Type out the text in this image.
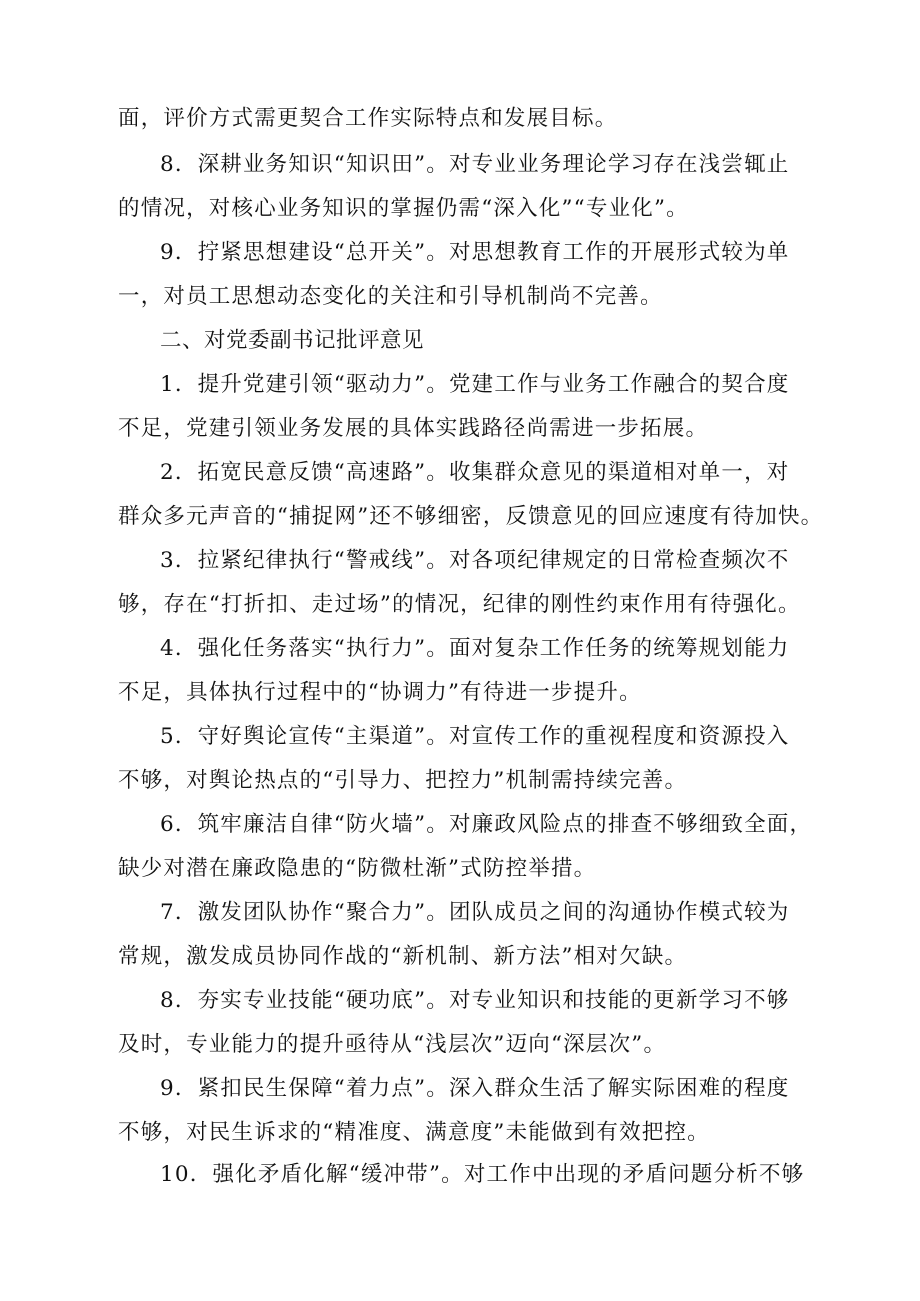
面，评价方式需更契合工作实际特点和发展目标。
8．深耕业务知识“知识田”。对专业业务理论学习存在浅尝辄止
的情况，对核心业务知识的掌握仍需“深入化”“专业化”。
9．拧紧思想建设“总开关”。对思想教育工作的开展形式较为单
一，对员工思想动态变化的关注和引导机制尚不完善。
二、对党委副书记批评意见
1．提升党建引领“驱动力”。党建工作与业务工作融合的契合度
不足，党建引领业务发展的具体实践路径尚需进一步拓展。
2．拓宽民意反馈“高速路”。收集群众意见的渠道相对单一，对
群众多元声音的“捕捉网”还不够细密，反馈意见的回应速度有待加快。
3．拉紧纪律执行“警戒线”。对各项纪律规定的日常检查频次不
够，存在“打折扣、走过场”的情况，纪律的刚性约束作用有待强化。
4．强化任务落实“执行力”。面对复杂工作任务的统筹规划能力
不足，具体执行过程中的“协调力”有待进一步提升。
5．守好舆论宣传“主渠道”。对宣传工作的重视程度和资源投入
不够，对舆论热点的“引导力、把控力”机制需持续完善。
6．筑牢廉洁自律“防火墙”。对廉政风险点的排查不够细致全面，
缺少对潜在廉政隐患的“防微杜渐”式防控举措。
7．激发团队协作“聚合力”。团队成员之间的沟通协作模式较为
常规，激发成员协同作战的“新机制、新方法”相对欠缺。
8．夯实专业技能“硬功底”。对专业知识和技能的更新学习不够
及时，专业能力的提升亟待从“浅层次”迈向“深层次”。
9．紧扣民生保障“着力点”。深入群众生活了解实际困难的程度
不够，对民生诉求的“精准度、满意度”未能做到有效把控。
10．强化矛盾化解“缓冲带”。对工作中出现的矛盾问题分析不够
